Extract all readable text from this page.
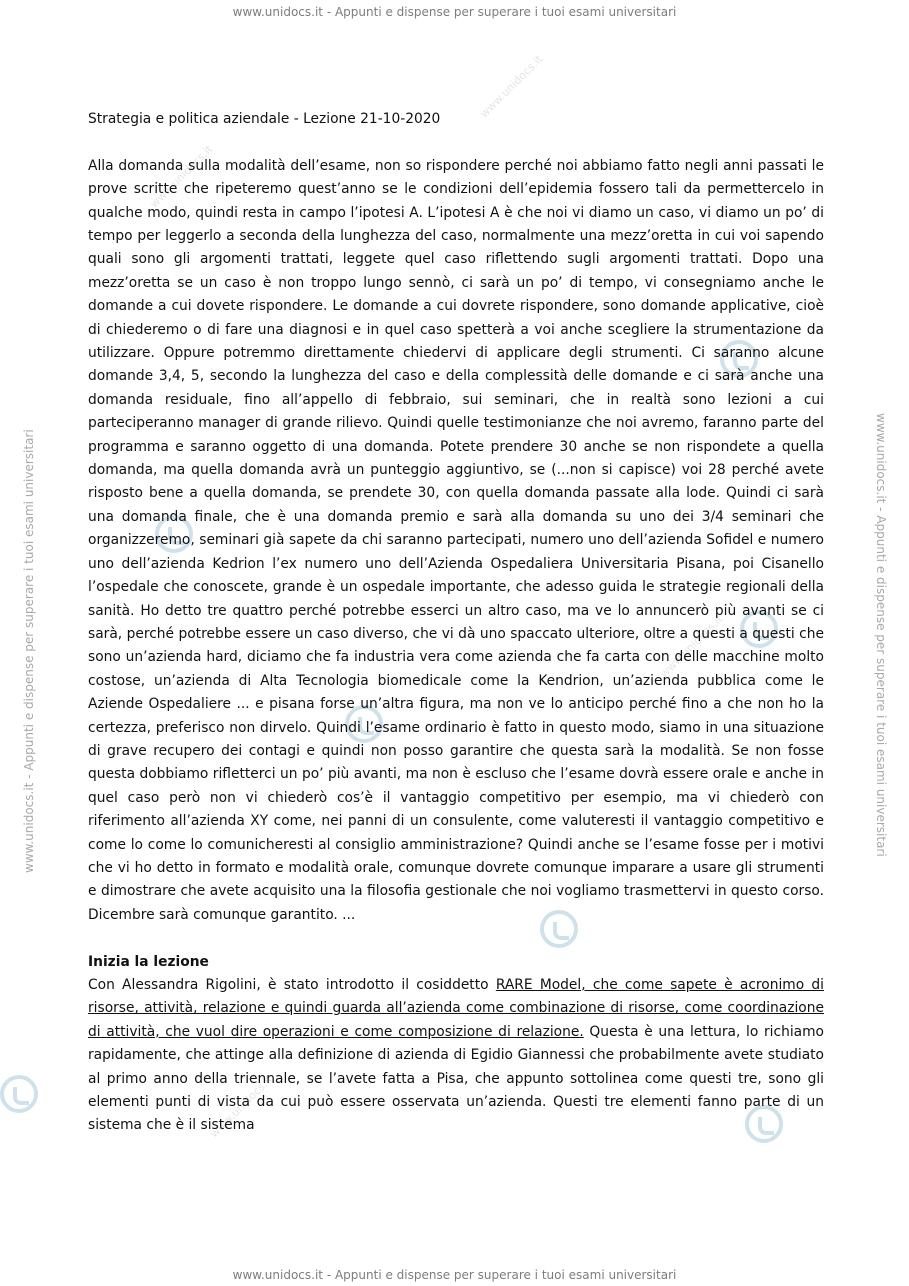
www.unidocs.it - Appunti e dispense per superare i tuoi esami universitari
www.unidocs.it - Appunti e dispense per superare i tuoi esami universitari
www.unidocs.it - Appunti e dispense per superare i tuoi esami universitari	www.unidocs.it - Appunti e dispense per superare i tuoi esami universitari
www.unidocs.it
www.unidocs.it
www.unidocs.it
www.unidocs.it

Strategia e politica aziendale - Lezione 21-10-2020

Alla domanda sulla modalità dell’esame, non so rispondere perché noi abbiamo fatto negli anni passati le prove scritte che ripeteremo quest’anno se le condizioni dell’epidemia fossero tali da permettercelo in qualche modo, quindi resta in campo l’ipotesi A. L’ipotesi A è che noi vi diamo un caso, vi diamo un po’ di tempo per leggerlo a seconda della lunghezza del caso, normalmente una mezz’oretta in cui voi sapendo quali sono gli argomenti trattati, leggete quel caso riflettendo sugli argomenti trattati. Dopo una mezz’oretta se un caso è non troppo lungo sennò, ci sarà un po’ di tempo, vi consegniamo anche le domande a cui dovete rispondere. Le domande a cui dovrete rispondere, sono domande applicative, cioè di chiederemo o di fare una diagnosi e in quel caso spetterà a voi anche scegliere la strumentazione da utilizzare. Oppure potremmo direttamente chiedervi di applicare degli strumenti. Ci saranno alcune domande 3,4, 5, secondo la lunghezza del caso e della complessità delle domande e ci sarà anche una domanda residuale, fino all’appello di febbraio, sui seminari, che in realtà sono lezioni a cui parteciperanno manager di grande rilievo. Quindi quelle testimonianze che noi avremo, faranno parte del programma e saranno oggetto di una domanda. Potete prendere 30 anche se non rispondete a quella domanda, ma quella domanda avrà un punteggio aggiuntivo, se (...non si capisce) voi 28 perché avete risposto bene a quella domanda, se prendete 30, con quella domanda passate alla lode. Quindi ci sarà una domanda finale, che è una domanda premio e sarà alla domanda su uno dei 3/4 seminari che organizzeremo, seminari già sapete da chi saranno partecipati, numero uno dell’azienda Sofidel e numero uno dell’azienda Kedrion l’ex numero uno dell’Azienda Ospedaliera Universitaria Pisana, poi Cisanello l’ospedale che conoscete, grande è un ospedale importante, che adesso guida le strategie regionali della sanità. Ho detto tre quattro perché potrebbe esserci un altro caso, ma ve lo annuncerò più avanti se ci sarà, perché potrebbe essere un caso diverso, che vi dà uno spaccato ulteriore, oltre a questi a questi che sono un’azienda hard, diciamo che fa industria vera come azienda che fa carta con delle macchine molto costose, un’azienda di Alta Tecnologia biomedicale come la Kendrion, un’azienda pubblica come le Aziende Ospedaliere ... e pisana forse un’altra figura, ma non ve lo anticipo perché fino a che non ho la certezza, preferisco non dirvelo. Quindi l’esame ordinario è fatto in questo modo, siamo in una situazione di grave recupero dei contagi e quindi non posso garantire che questa sarà la modalità. Se non fosse questa dobbiamo rifletterci un po’ più avanti, ma non è escluso che l’esame dovrà essere orale e anche in quel caso però non vi chiederò cos’è il vantaggio competitivo per esempio, ma vi chiederò con riferimento all’azienda XY come, nei panni di un consulente, come valuteresti il vantaggio competitivo e come lo come lo comunicheresti al consiglio amministrazione? Quindi anche se l’esame fosse per i motivi che vi ho detto in formato e modalità orale, comunque dovrete comunque imparare a usare gli strumenti e dimostrare che avete acquisito una la filosofia gestionale che noi vogliamo trasmettervi in questo corso. Dicembre sarà comunque garantito. ...

Inizia la lezione

Con Alessandra Rigolini, è stato introdotto il cosiddetto RARE Model, che come sapete è acronimo di risorse, attività, relazione e quindi guarda all’azienda come combinazione di risorse, come coordinazione di attività, che vuol dire operazioni e come composizione di relazione. Questa è una lettura, lo richiamo rapidamente, che attinge alla definizione di azienda di Egidio Giannessi che probabilmente avete studiato al primo anno della triennale, se l’avete fatta a Pisa, che appunto sottolinea come questi tre, sono gli elementi punti di vista da cui può essere osservata un’azienda. Questi tre elementi fanno parte di un sistema che è il sistema
